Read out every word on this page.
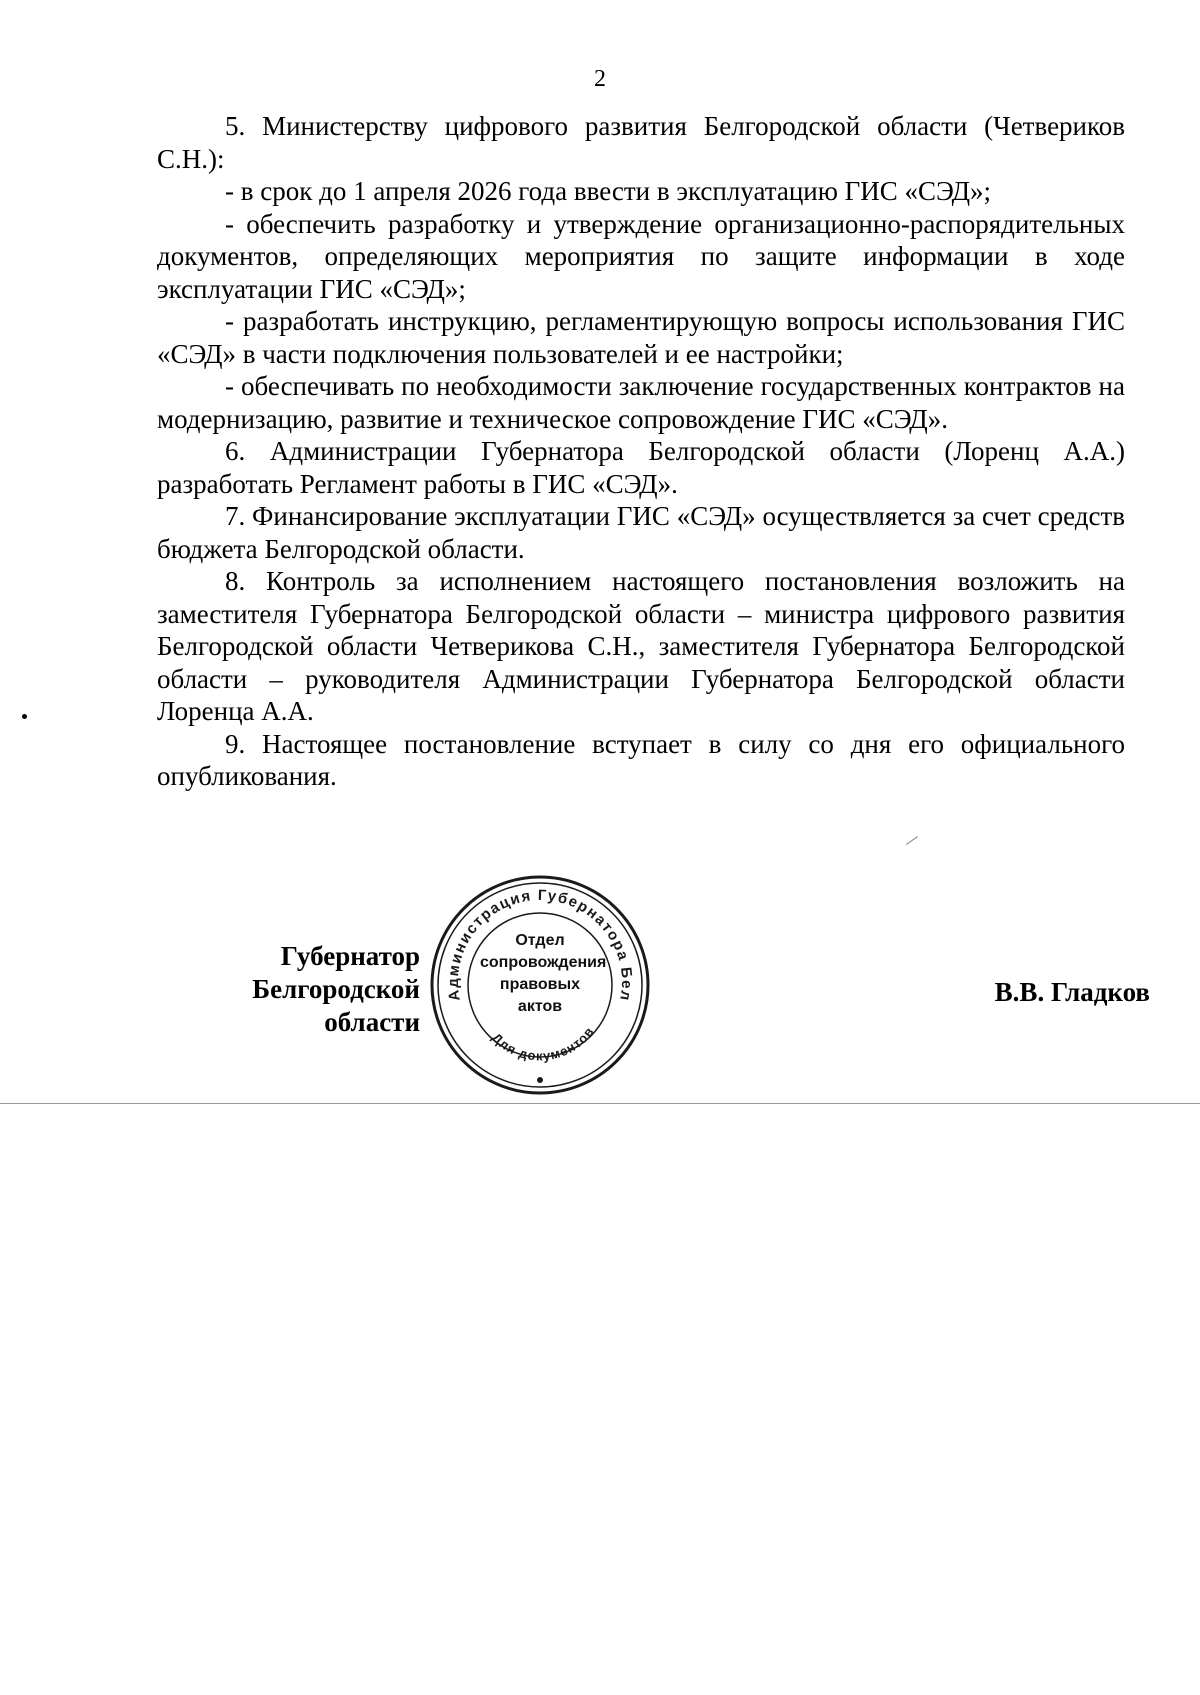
2

5. Министерству цифрового развития Белгородской области (Четвериков С.Н.):

- в срок до 1 апреля 2026 года ввести в эксплуатацию ГИС «СЭД»;

- обеспечить разработку и утверждение организационно-распорядительных документов, определяющих мероприятия по защите информации в ходе эксплуатации ГИС «СЭД»;

- разработать инструкцию, регламентирующую вопросы использования ГИС «СЭД» в части подключения пользователей и ее настройки;

- обеспечивать по необходимости заключение государственных контрактов на модернизацию, развитие и техническое сопровождение ГИС «СЭД».

6. Администрации Губернатора Белгородской области (Лоренц А.А.) разработать Регламент работы в ГИС «СЭД».

7. Финансирование эксплуатации ГИС «СЭД» осуществляется за счет средств бюджета Белгородской области.

8. Контроль за исполнением настоящего постановления возложить на заместителя Губернатора Белгородской области – министра цифрового развития Белгородской области Четверикова С.Н., заместителя Губернатора Белгородской области – руководителя Администрации Губернатора Белгородской области Лоренца А.А.

9. Настоящее постановление вступает в силу со дня его официального опубликования.

Губернатор
Белгородской области
В.В. Гладков
Администрация Губернатора Бел
Для документов
Отдел
сопровождения
правовых
актов
